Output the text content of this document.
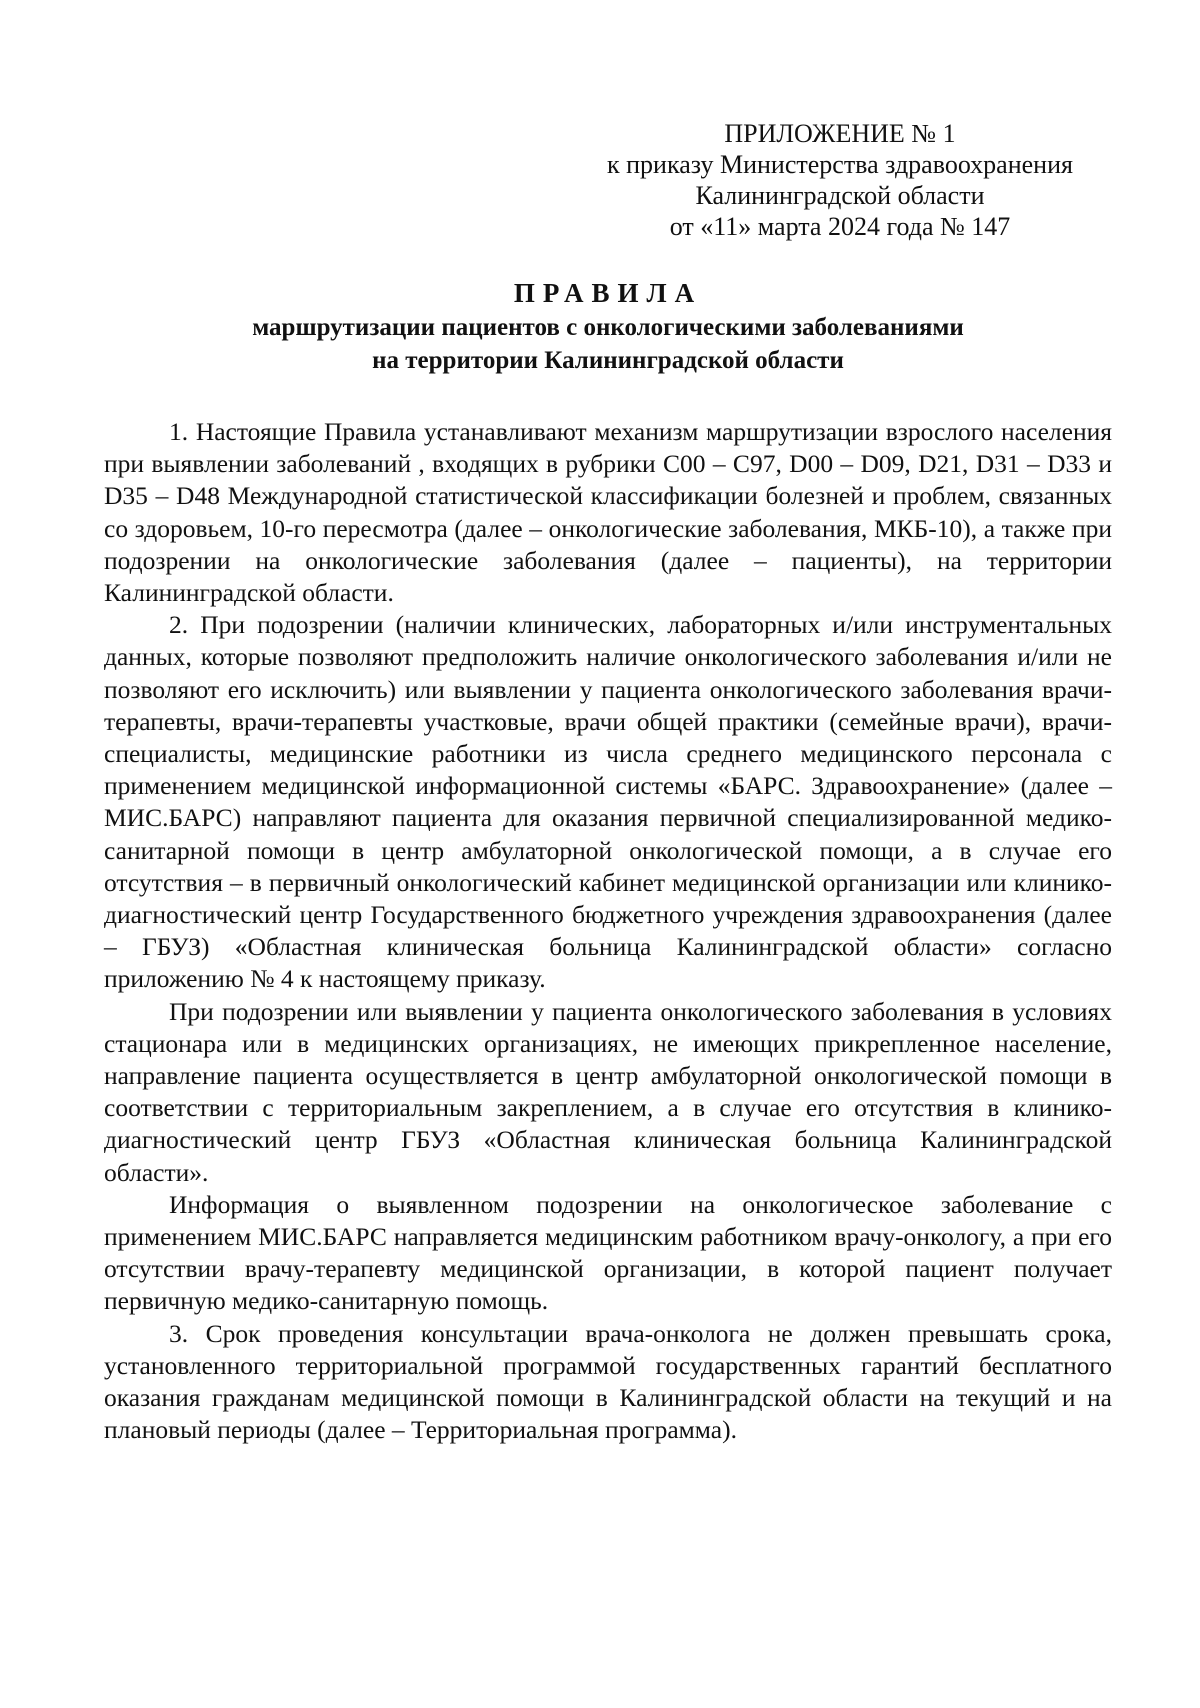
ПРИЛОЖЕНИЕ № 1
к приказу Министерства здравоохранения
Калининградской области
от «11» марта 2024 года № 147
ПРАВИЛА
маршрутизации пациентов с онкологическими заболеваниями
на территории Калининградской области

1. Настоящие Правила устанавливают механизм маршрутизации взрослого населения при выявлении заболеваний , входящих в рубрики C00 – C97, D00 – D09, D21, D31 – D33 и D35 – D48 Международной статистической классификации болезней и проблем, связанных со здоровьем, 10-го пересмотра (далее – онкологические заболевания, МКБ-10), а также при подозрении на онкологические заболевания (далее – пациенты), на территории Калининградской области.

2. При подозрении (наличии клинических, лабораторных и/или инструментальных данных, которые позволяют предположить наличие онкологического заболевания и/или не позволяют его исключить) или выявлении у пациента онкологического заболевания врачи-терапевты, врачи-терапевты участковые, врачи общей практики (семейные врачи), врачи-специалисты, медицинские работники из числа среднего медицинского персонала с применением медицинской информационной системы «БАРС. Здравоохранение» (далее – МИС.БАРС) направляют пациента для оказания первичной специализированной медико-санитарной помощи в центр амбулаторной онкологической помощи, а в случае его отсутствия – в первичный онкологический кабинет медицинской организации или клинико-диагностический центр Государственного бюджетного учреждения здравоохранения (далее – ГБУЗ) «Областная клиническая больница Калининградской области» согласно приложению № 4 к настоящему приказу.

При подозрении или выявлении у пациента онкологического заболевания в условиях стационара или в медицинских организациях, не имеющих прикрепленное население, направление пациента осуществляется в центр амбулаторной онкологической помощи в соответствии с территориальным закреплением, а в случае его отсутствия в клинико-диагностический центр ГБУЗ «Областная клиническая больница Калининградской области».

Информация о выявленном подозрении на онкологическое заболевание с применением МИС.БАРС направляется медицинским работником врачу-онкологу, а при его отсутствии врачу-терапевту медицинской организации, в которой пациент получает первичную медико-санитарную помощь.

3. Срок проведения консультации врача-онколога не должен превышать срока, установленного территориальной программой государственных гарантий бесплатного оказания гражданам медицинской помощи в Калининградской области на текущий и на плановый периоды (далее – Территориальная программа).
